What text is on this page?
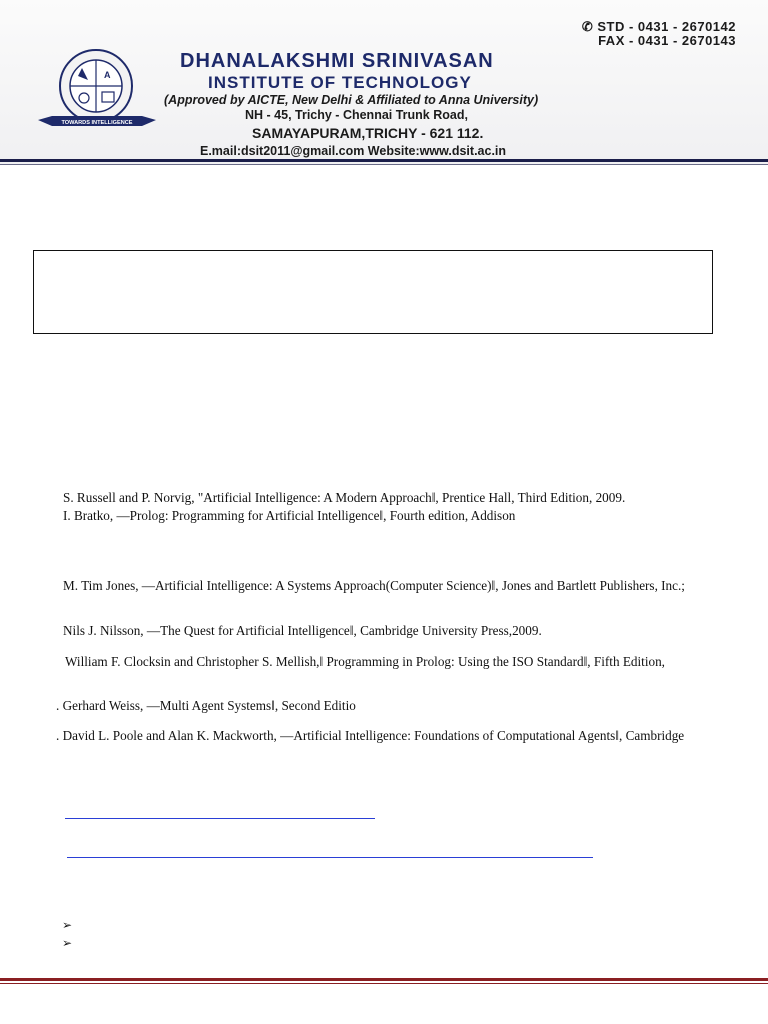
A
TOWARDS INTELLIGENCE
✆ STD - 0431 - 2670142
FAX - 0431 - 2670143
DHANALAKSHMI SRINIVASAN
INSTITUTE OF TECHNOLOGY
(Approved by AICTE, New Delhi & Affiliated to Anna University)
NH - 45, Trichy - Chennai Trunk Road,
SAMAYAPURAM,TRICHY - 621 112.
E.mail:dsit2011@gmail.com Website:www.dsit.ac.in
S. Russell and P. Norvig, "Artificial Intelligence: A Modern Approach‖, Prentice Hall, Third Edition, 2009.
I. Bratko, ―Prolog: Programming for Artificial Intelligence‖, Fourth edition, Addison
M. Tim Jones, ―Artificial Intelligence: A Systems Approach(Computer Science)‖, Jones and Bartlett Publishers, Inc.;
Nils J. Nilsson, ―The Quest for Artificial Intelligence‖, Cambridge University Press,2009.
William F. Clocksin and Christopher S. Mellish,‖ Programming in Prolog: Using the ISO Standard‖, Fifth Edition,
. Gerhard Weiss, ―Multi Agent Systems‖, Second Editio
. David L. Poole and Alan K. Mackworth, ―Artificial Intelligence: Foundations of Computational Agents‖, Cambridge
➢
➢
